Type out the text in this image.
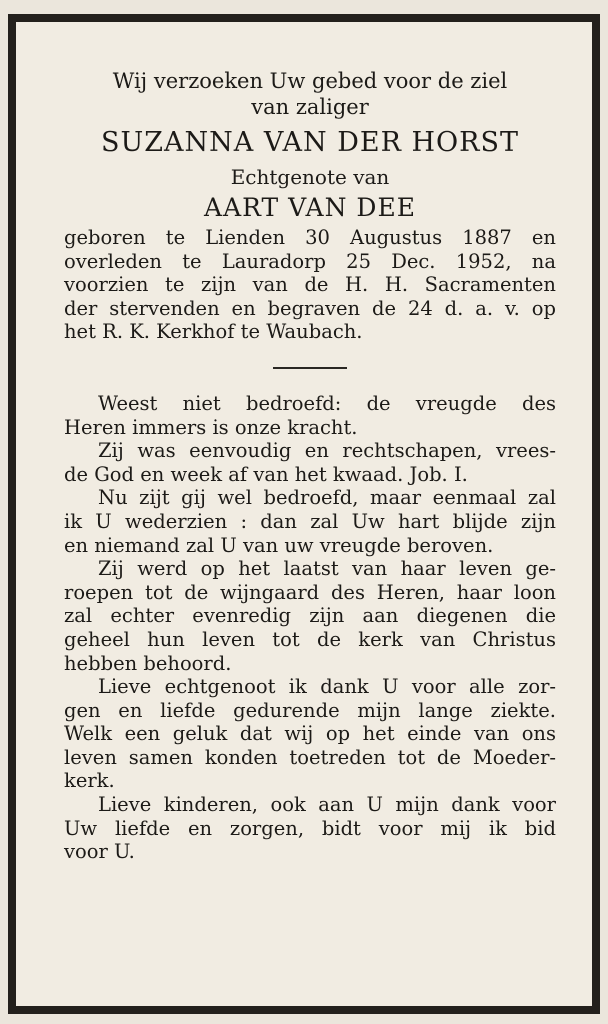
Wij verzoeken Uw gebed voor de ziel

van zaliger

SUZANNA VAN DER HORST
Echtgenote van
AART VAN DEE

geboren te Lienden 30 Augustus 1887 en

overleden te Lauradorp 25 Dec. 1952, na

voorzien te zijn van de H. H. Sacramenten

der stervenden en begraven de 24 d. a. v. op

het R. K. Kerkhof te Waubach.

Weest niet bedroefd: de vreugde des

Heren immers is onze kracht.

Zij was eenvoudig en rechtschapen, vrees-

de God en week af van het kwaad. Job. I.

Nu zijt gij wel bedroefd, maar eenmaal zal

ik U wederzien : dan zal Uw hart blijde zijn

en niemand zal U van uw vreugde beroven.

Zij werd op het laatst van haar leven ge-

roepen tot de wijngaard des Heren, haar loon

zal echter evenredig zijn aan diegenen die

geheel hun leven tot de kerk van Christus

hebben behoord.

Lieve echtgenoot ik dank U voor alle zor-

gen en liefde gedurende mijn lange ziekte.

Welk een geluk dat wij op het einde van ons

leven samen konden toetreden tot de Moeder-

kerk.

Lieve kinderen, ook aan U mijn dank voor

Uw liefde en zorgen, bidt voor mij ik bid

voor U.
